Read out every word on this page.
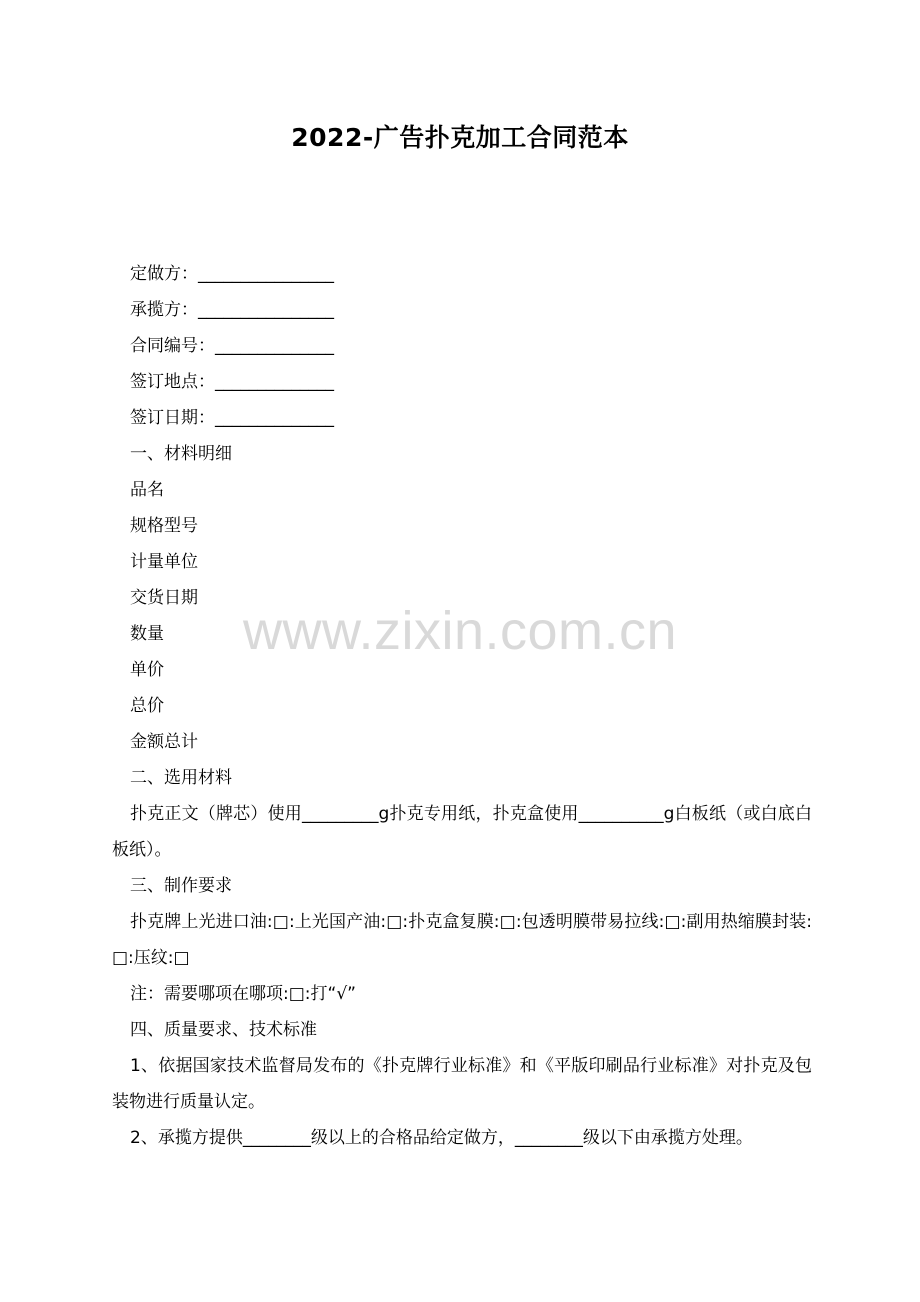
www.zixin.com.cn
2022-广告扑克加工合同范本

定做方：________________

承揽方：________________

合同编号：______________

签订地点：______________

签订日期：______________

一、材料明细

品名

规格型号

计量单位

交货日期

数量

单价

总价

金额总计

二、选用材料

扑克正文（牌芯）使用_________g扑克专用纸，扑克盒使用__________g白板纸（或白底白板纸）。

三、制作要求

扑克牌上光进口油:□:上光国产油:□:扑克盒复膜:□:包透明膜带易拉线:□:副用热缩膜封装:□:压纹:□

注：需要哪项在哪项:□:打“√”

四、质量要求、技术标准

1、依据国家技术监督局发布的《扑克牌行业标准》和《平版印刷品行业标准》对扑克及包装物进行质量认定。

2、承揽方提供________级以上的合格品给定做方，________级以下由承揽方处理。
